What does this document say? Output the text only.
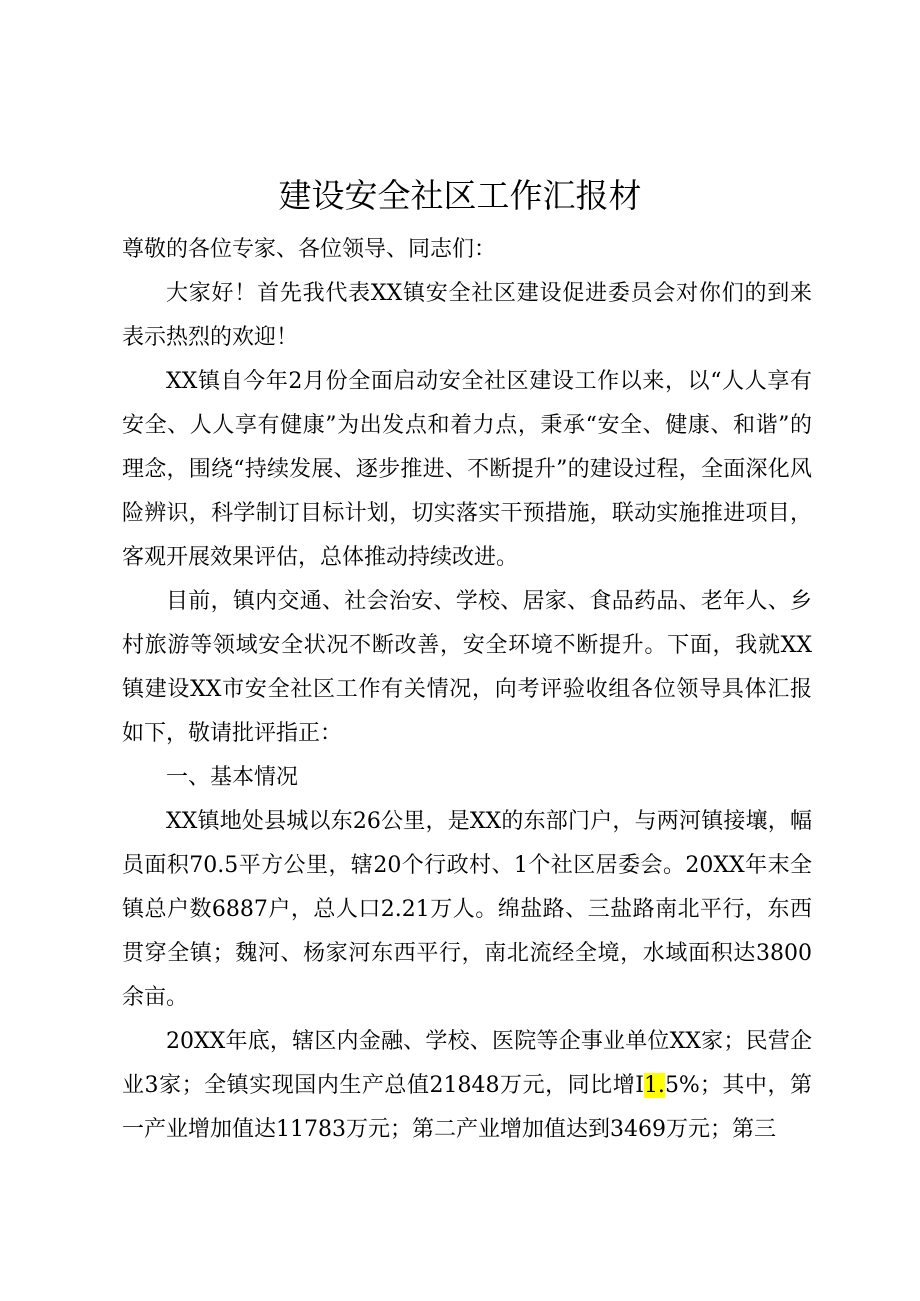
建设安全社区工作汇报材

尊敬的各位专家、各位领导、同志们：

大家好！首先我代表XX镇安全社区建设促进委员会对你们的到来表示热烈的欢迎！

XX镇自今年2月份全面启动安全社区建设工作以来，以“人人享有安全、人人享有健康”为出发点和着力点，秉承“安全、健康、和谐”的理念，围绕“持续发展、逐步推进、不断提升”的建设过程，全面深化风险辨识，科学制订目标计划，切实落实干预措施，联动实施推进项目，客观开展效果评估，总体推动持续改进。

目前，镇内交通、社会治安、学校、居家、食品药品、老年人、乡村旅游等领域安全状况不断改善，安全环境不断提升。下面，我就XX镇建设XX市安全社区工作有关情况，向考评验收组各位领导具体汇报如下，敬请批评指正：

一、基本情况

XX镇地处县城以东26公里，是XX的东部门户，与两河镇接壤，幅员面积70.5平方公里，辖20个行政村、1个社区居委会。20XX年末全镇总户数6887户，总人口2.21万人。绵盐路、三盐路南北平行，东西贯穿全镇；魏河、杨家河东西平行，南北流经全境，水域面积达3800余亩。

20XX年底，辖区内金融、学校、医院等企事业单位XX家；民营企业3家；全镇实现国内生产总值21848万元，同比增I1.5%；其中，第一产业增加值达11783万元；第二产业增加值达到3469万元；第三
